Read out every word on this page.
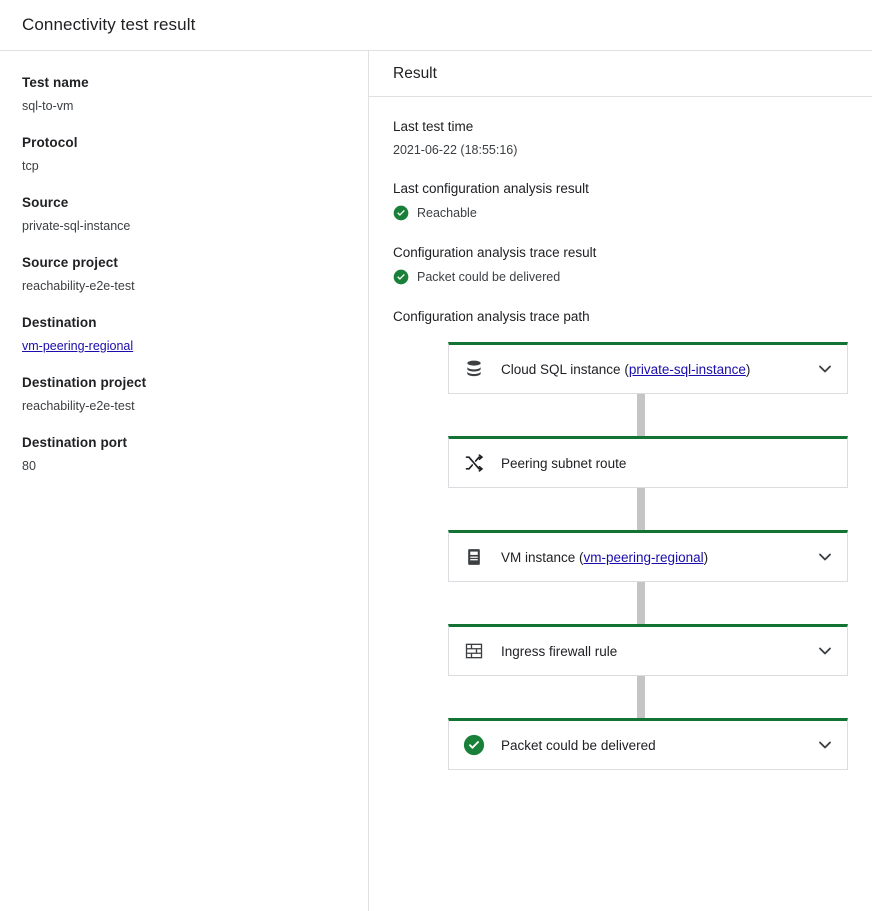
Connectivity test result
Test name
sql-to-vm
Protocol
tcp
Source
private-sql-instance
Source project
reachability-e2e-test
Destination
vm-peering-regional
Destination project
reachability-e2e-test
Destination port
80
Result
Last test time
2021-06-22 (18:55:16)
Last configuration analysis result
Reachable
Configuration analysis trace result
Packet could be delivered
Configuration analysis trace path
Cloud SQL instance (private-sql-instance)
Peering subnet route
VM instance (vm-peering-regional)
Ingress firewall rule
Packet could be delivered
